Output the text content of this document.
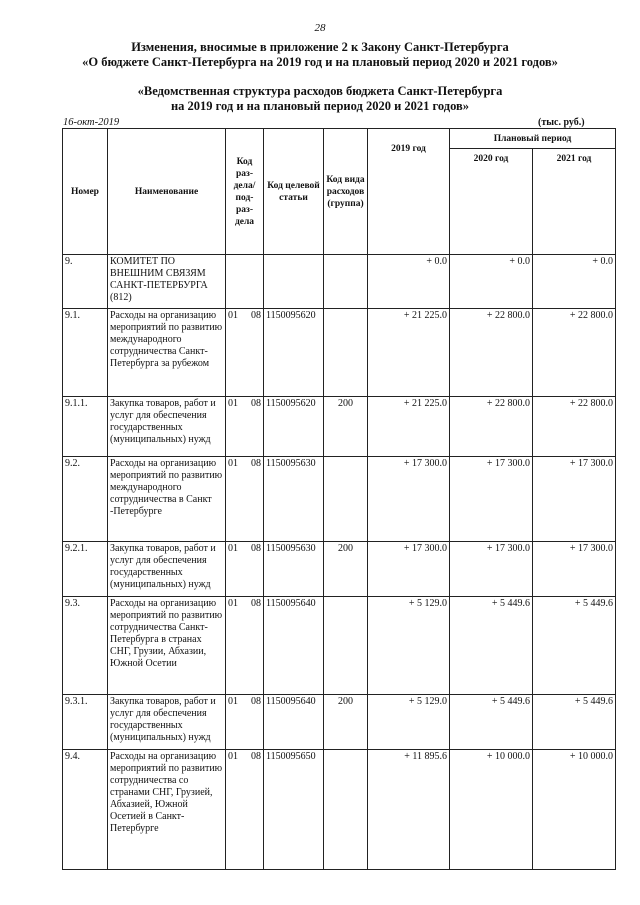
28
Изменения, вносимые в приложение 2 к Закону Санкт-Петербурга
«О бюджете Санкт-Петербурга на 2019 год и на плановый период 2020 и 2021 годов»
«Ведомственная структура расходов бюджета Санкт-Петербурга
на 2019 год и на плановый период 2020 и 2021 годов»
16-окт-2019	(тыс. руб.)
Номер	Наименование	Код раз- дела/ под- раз- дела	Код целевой статьи	Код вида расходов (группа)	2019 год	Плановый период	
						2020 год	2021 год
9.	КОМИТЕТ ПО ВНЕШНИМ СВЯЗЯМ САНКТ-ПЕТЕРБУРГА (812)				+ 0.0	+ 0.0	+ 0.0
9.1.	Расходы на организацию мероприятий по развитию международного сотрудничества Санкт-Петербурга за рубежом	01 08	1150095620		+ 21 225.0	+ 22 800.0	+ 22 800.0
9.1.1.	Закупка товаров, работ и услуг для обеспечения государственных (муниципальных) нужд	01 08	1150095620	200	+ 21 225.0	+ 22 800.0	+ 22 800.0
9.2.	Расходы на организацию мероприятий по развитию международного сотрудничества в Санкт -Петербурге	01 08	1150095630		+ 17 300.0	+ 17 300.0	+ 17 300.0
9.2.1.	Закупка товаров, работ и услуг для обеспечения государственных (муниципальных) нужд	01 08	1150095630	200	+ 17 300.0	+ 17 300.0	+ 17 300.0
9.3.	Расходы на организацию мероприятий по развитию сотрудничества Санкт-Петербурга в странах СНГ, Грузии, Абхазии, Южной Осетии	01 08	1150095640		+ 5 129.0	+ 5 449.6	+ 5 449.6
9.3.1.	Закупка товаров, работ и услуг для обеспечения государственных (муниципальных) нужд	01 08	1150095640	200	+ 5 129.0	+ 5 449.6	+ 5 449.6
9.4.	Расходы на организацию мероприятий по развитию сотрудничества со странами СНГ, Грузией, Абхазией, Южной Осетией в Санкт-Петербурге	01 08	1150095650		+ 11 895.6	+ 10 000.0	+ 10 000.0
